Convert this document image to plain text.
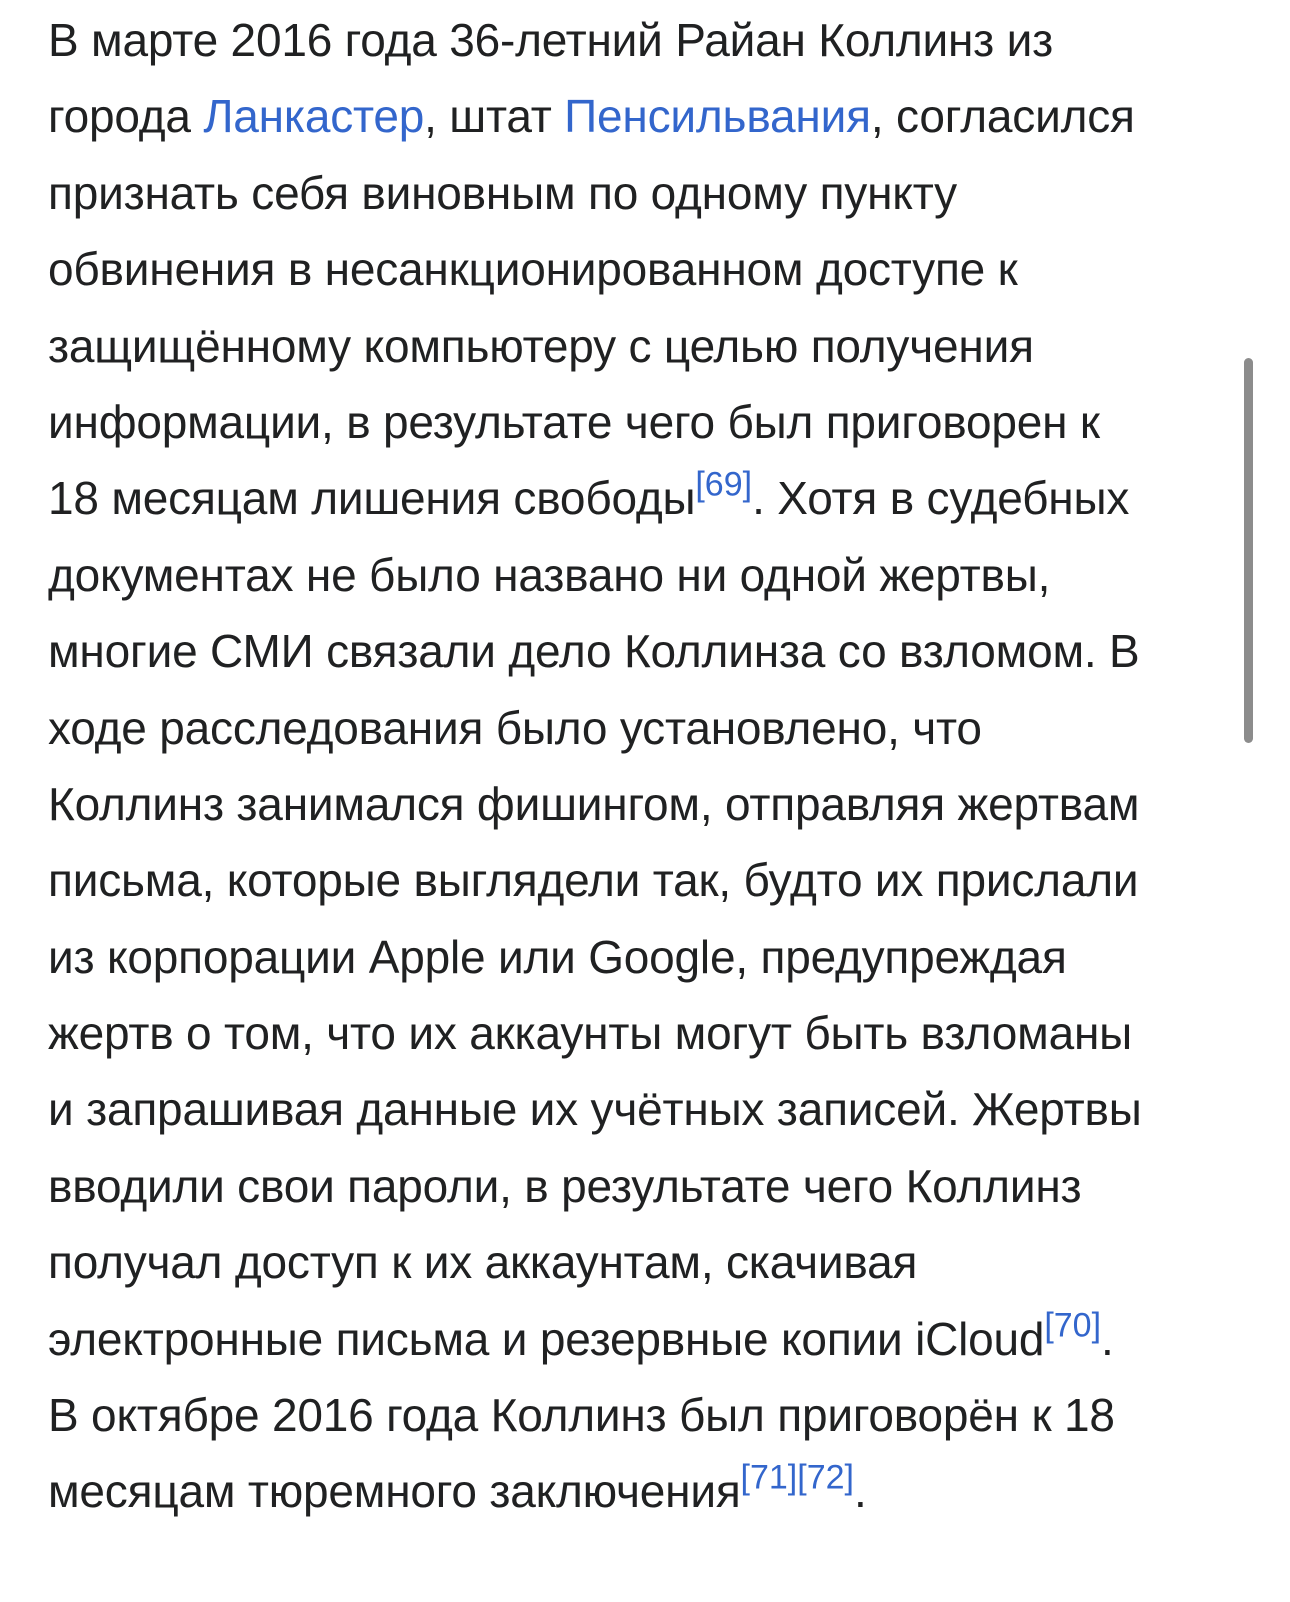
В марте 2016 года 36-летний Райан Коллинз из
города Ланкастер, штат Пенсильвания, согласился
признать себя виновным по одному пункту
обвинения в несанкционированном доступе к
защищённому компьютеру с целью получения
информации, в результате чего был приговорен к
18 месяцам лишения свободы[69]. Хотя в судебных
документах не было названо ни одной жертвы,
многие СМИ связали дело Коллинза со взломом. В
ходе расследования было установлено, что
Коллинз занимался фишингом, отправляя жертвам
письма, которые выглядели так, будто их прислали
из корпорации Apple или Google, предупреждая
жертв о том, что их аккаунты могут быть взломаны
и запрашивая данные их учётных записей. Жертвы
вводили свои пароли, в результате чего Коллинз
получал доступ к их аккаунтам, скачивая
электронные письма и резервные копии iCloud[70].
В октябре 2016 года Коллинз был приговорён к 18
месяцам тюремного заключения[71][72].
